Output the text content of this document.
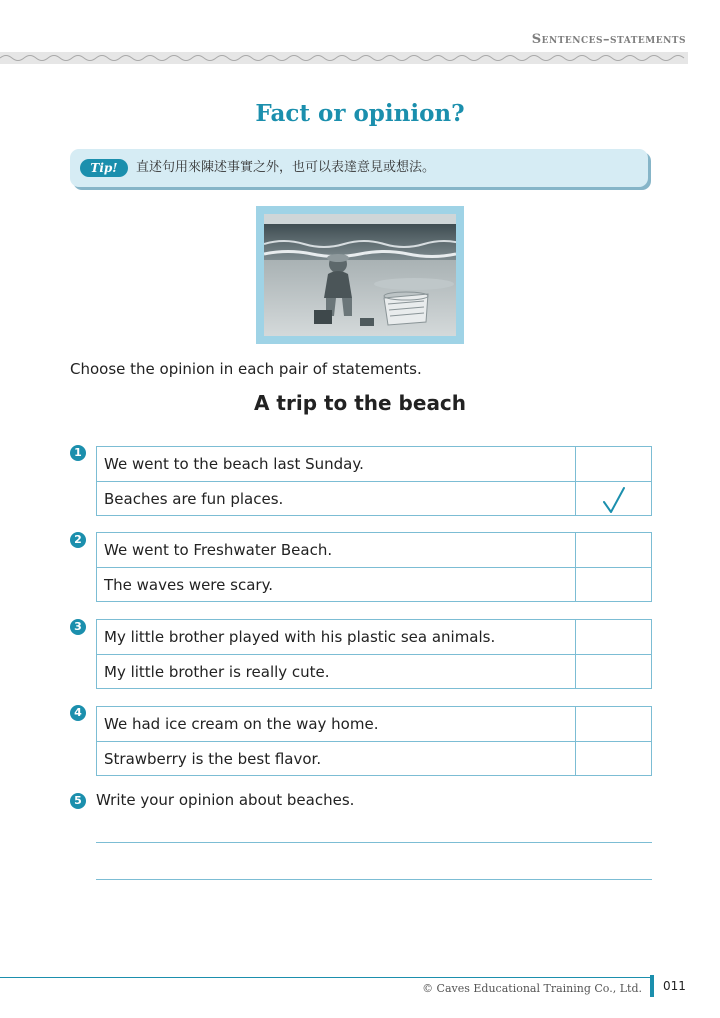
Sentences–statements
Fact or opinion?
Tip!	直述句用來陳述事實之外，也可以表達意見或想法。
Choose the opinion in each pair of statements.
A trip to the beach
1
We went to the beach last Sunday.
Beaches are fun places.
2
We went to Freshwater Beach.
The waves were scary.
3
My little brother played with his plastic sea animals.
My little brother is really cute.
4
We had ice cream on the way home.
Strawberry is the best flavor.
5 Write your opinion about beaches.
© Caves Educational Training Co., Ltd. 011
